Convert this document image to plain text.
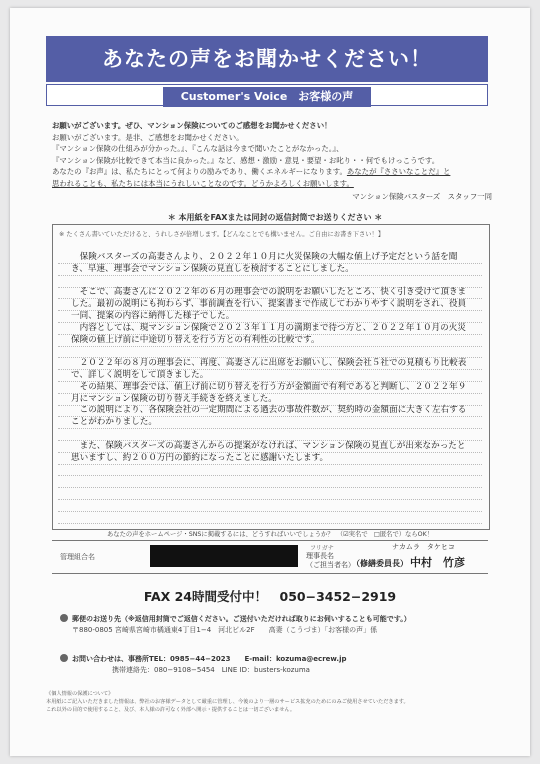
あなたの声をお聞かせください！
Customer's Voice　お客様の声
お願いがございます。ぜひ、マンション保険についてのご感想をお聞かせください！
お願いがございます。是非、ご感想をお聞かせください。
『マンション保険の仕組みが分かった。』、『こんな話は今まで聞いたことがなかった。』、
『マンション保険が比較できて本当に良かった。』など、感想・激励・意見・要望・お叱り・・何でもけっこうです。
あなたの『お声』は、私たちにとって何よりの励みであり、働くエネルギーになります。あなたが『ささいなことだ』と
思われることも、私たちには本当にうれしいことなのです。どうかよろしくお願いします。
マンション保険バスターズ　スタッフ一同
＊ 本用紙をFAXまたは同封の返信封筒でお送りください ＊
※ たくさん書いていただけると、うれしさが倍増します。【どんなことでも構いません。ご自由にお書き下さい！】

　保険バスターズの高妻さんより、２０２２年１０月に火災保険の大幅な値上げ予定だという話を聞き、早速、理事会でマンション保険の見直しを検討することにしました。

　そこで、高妻さんに２０２２年の６月の理事会での説明をお願いしたところ、快く引き受けて頂きました。最初の説明にも拘わらず、事前調査を行い、提案書まで作成してわかりやすく説明をされ、役員一同、提案の内容に納得した様子でした。

　内容としては、現マンション保険で２０２３年１１月の満期まで待つ方と、２０２２年１０月の火災保険の値上げ前に中途切り替えを行う方との有利性の比較です。

　２０２２年の８月の理事会に、再度、高妻さんに出席をお願いし、保険会社５社での見積もり比較表で、詳しく説明をして頂きました。

　その結果、理事会では、値上げ前に切り替えを行う方が金額面で有利であると判断し、２０２２年９月にマンション保険の切り替え手続きを終えました。

　この説明により、各保険会社の一定期間による過去の事故件数が、契約時の金額面に大きく左右することがわかりました。

　また、保険バスターズの高妻さんからの提案がなければ、マンション保険の見直しが出来なかったと思いますし、約２００万円の節約になったことに感謝いたします。

あなたの声をホームページ・SNSに掲載するには、どうすればいいでしょうか？　（☑実名で　□匿名で）ならOK！
管理組合名
フリガナ	ナカムラ　タケヒコ
理事長名
（ご担当者名）
（修繕委員長） 中村　竹彦
FAX 24時間受付中！　050−3452−2919
郵便のお送り先（※返信用封筒でご返信ください。ご送付いただければ取りにお伺いすることも可能です。）
〒880-0805 宮崎県宮崎市橘通東4丁目1−4　河北ビル2F　　高妻（こうづま）「お客様の声」係
お問い合わせは、事務所TEL：0985−44−2023　　E-mail：kozuma@ecrew.jp
携帯連絡先：080−9108−5454　LINE ID：busters-kozuma
《個人情報の保護について》
本用紙にご記入いただきました情報は、弊社のお客様データとして厳重に管理し、今後のより一層のサービス拡充のためにのみご使用させていただきます。
これ以外の目的で使用すること、及び、本人様の許可なく外部へ開示・提供することは一切ございません。
